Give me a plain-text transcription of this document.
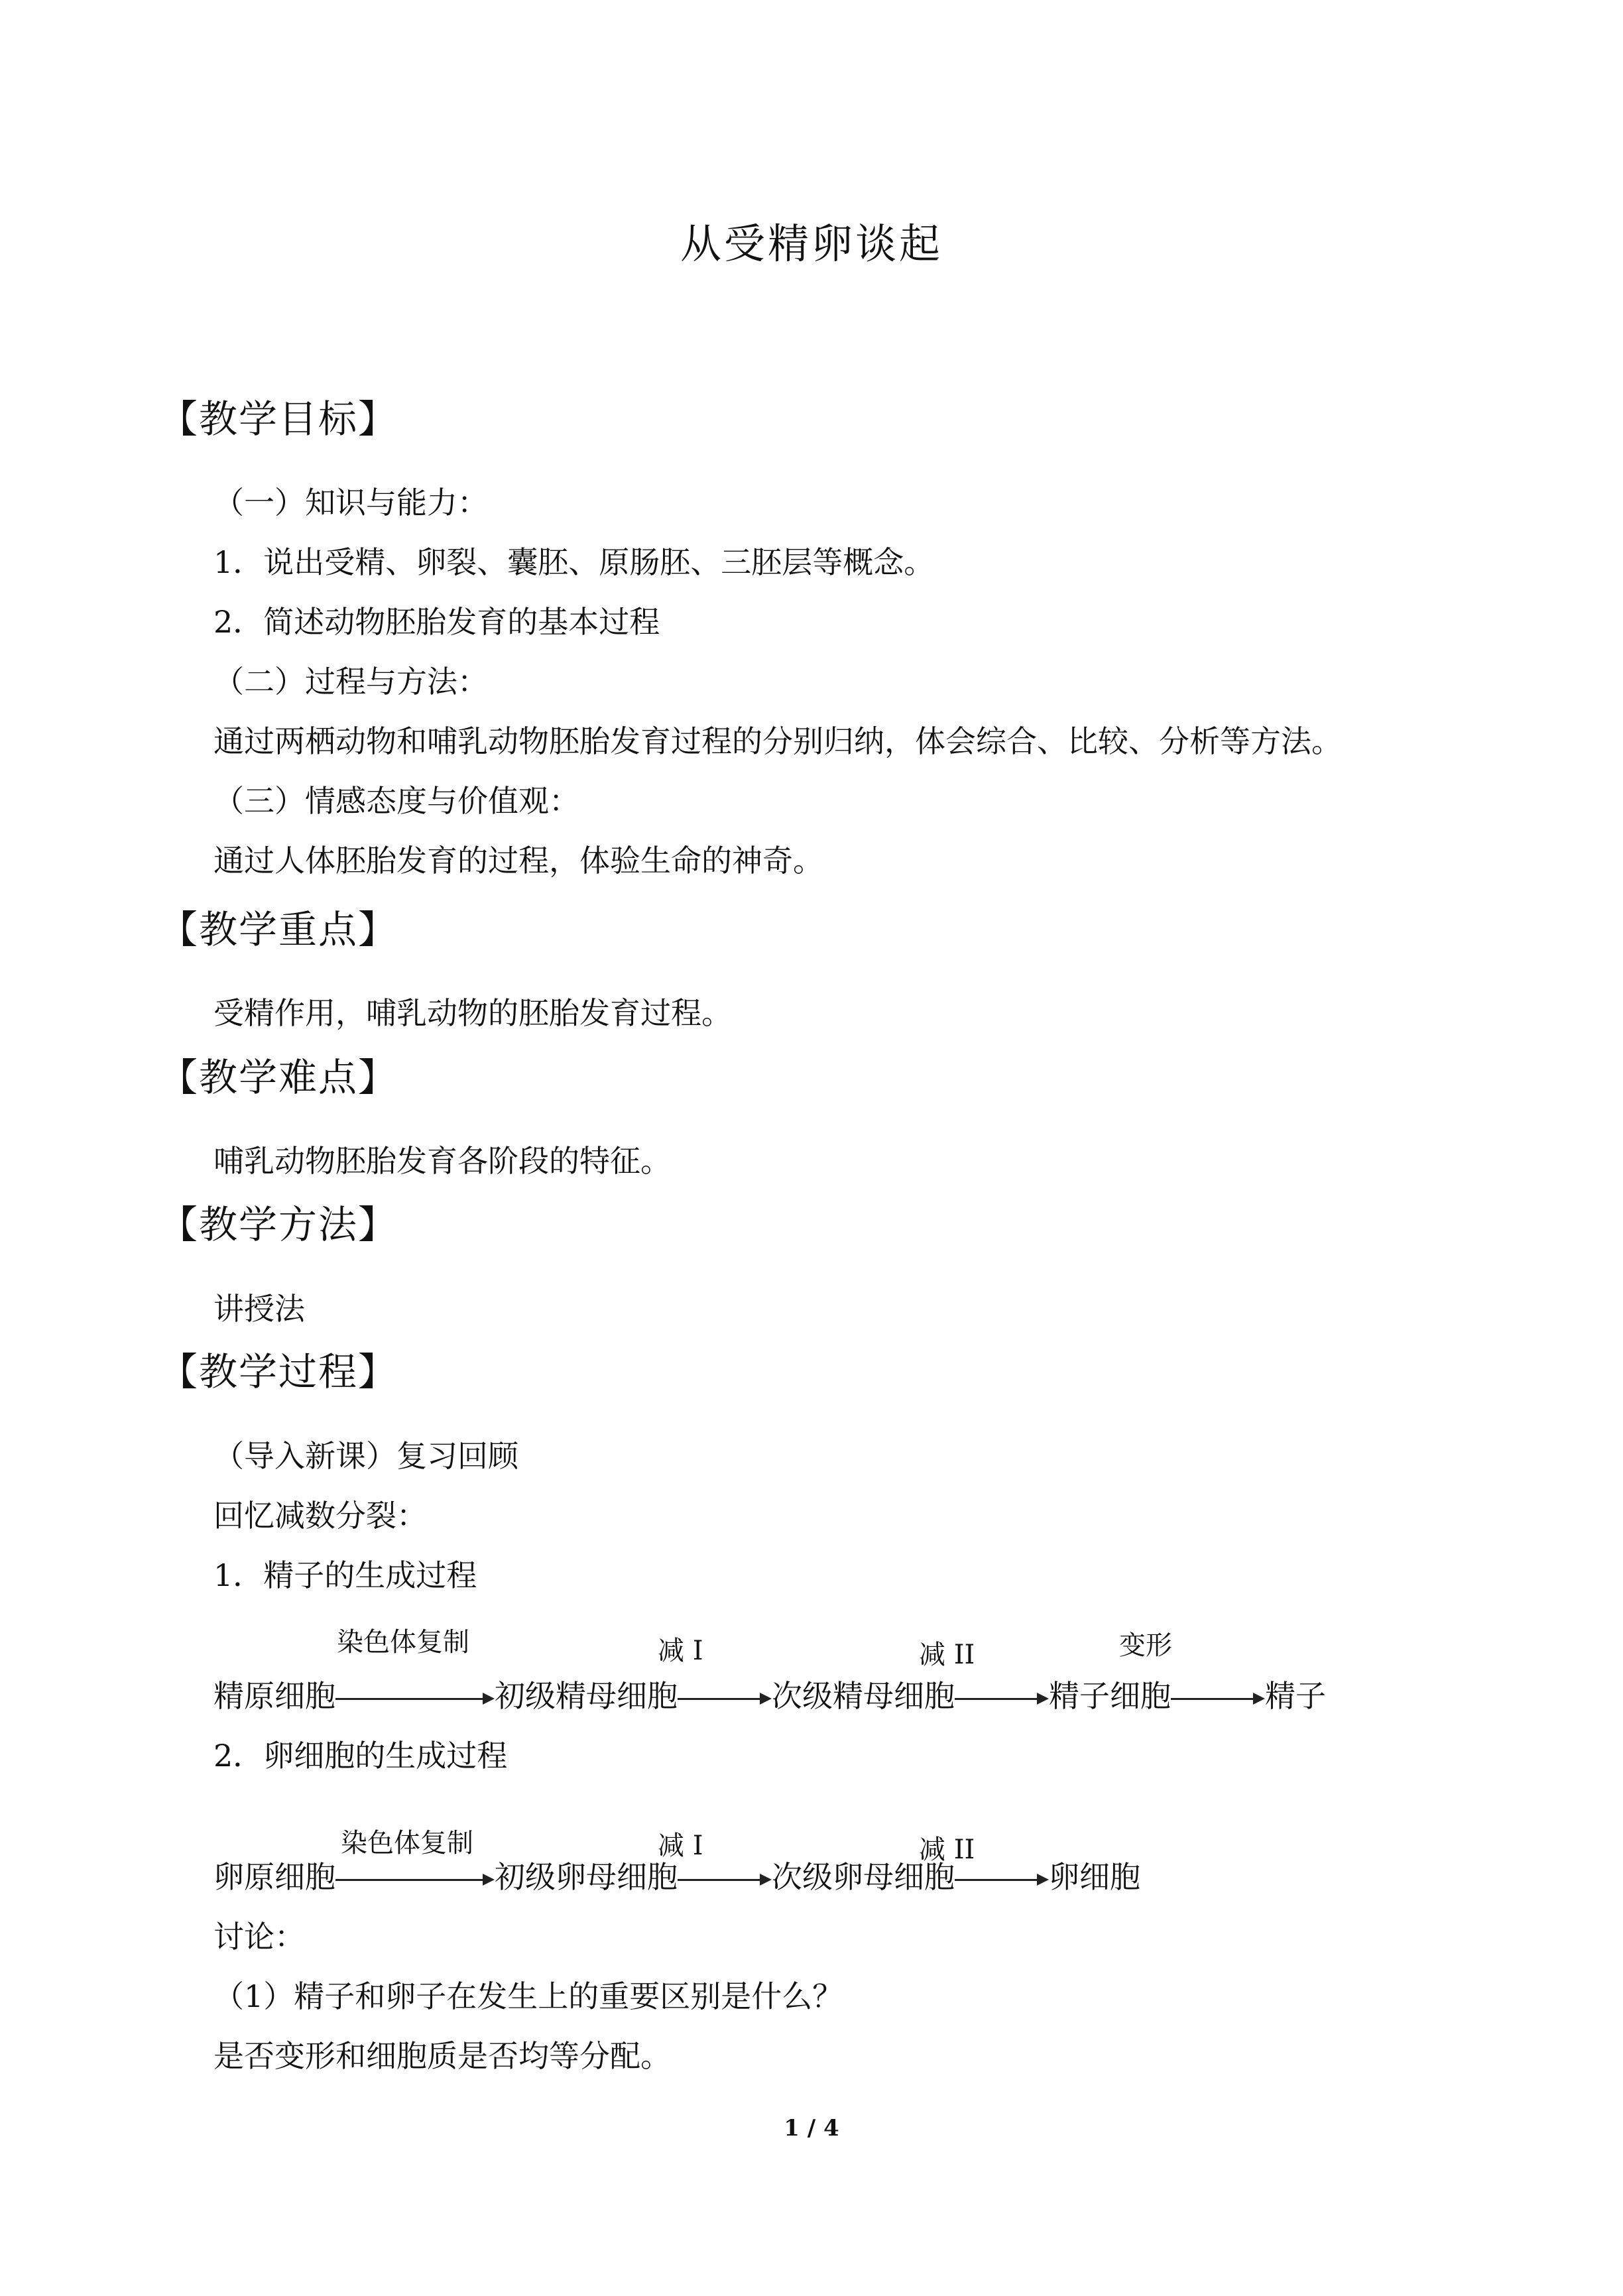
从受精卵谈起
【教学目标】
（一）知识与能力：
1．说出受精、卵裂、囊胚、原肠胚、三胚层等概念。
2．简述动物胚胎发育的基本过程
（二）过程与方法：
通过两栖动物和哺乳动物胚胎发育过程的分别归纳，体会综合、比较、分析等方法。
（三）情感态度与价值观：
通过人体胚胎发育的过程，体验生命的神奇。
【教学重点】
受精作用，哺乳动物的胚胎发育过程。
【教学难点】
哺乳动物胚胎发育各阶段的特征。
【教学方法】
讲授法
【教学过程】
（导入新课）复习回顾
回忆减数分裂：
1．精子的生成过程
染色体复制	减 I	减 II	变形
精原细胞	初级精母细胞	次级精母细胞	精子细胞	精子
2．卵细胞的生成过程
染色体复制	减 I	减 II
卵原细胞	初级卵母细胞	次级卵母细胞	卵细胞
讨论：
（1）精子和卵子在发生上的重要区别是什么？
是否变形和细胞质是否均等分配。
1 / 4
